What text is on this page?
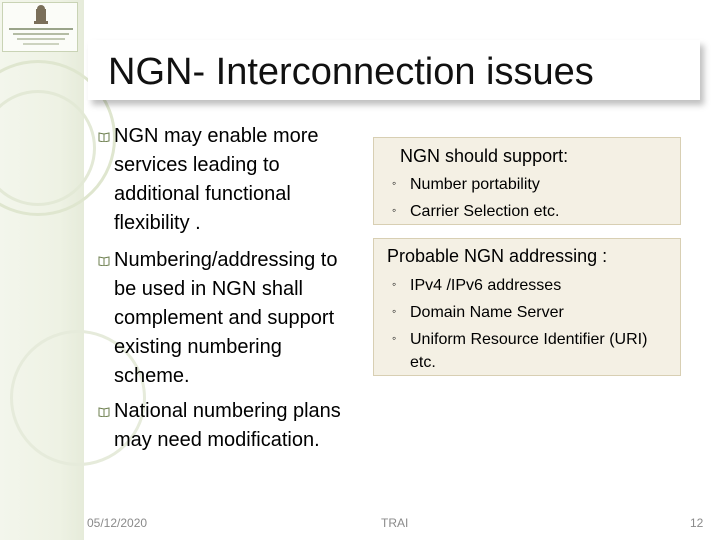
NGN- Interconnection issues
NGN may enable more services leading to additional functional flexibility .
Numbering/addressing to be used in NGN shall complement and support existing numbering scheme.
National numbering plans may need modification.
NGN should support:
◦ Number portability
◦ Carrier Selection etc.
Probable NGN addressing :
◦ IPv4 /IPv6 addresses
◦ Domain Name Server
◦ Uniform Resource Identifier (URI)
etc.
05/12/2020	TRAI	12
